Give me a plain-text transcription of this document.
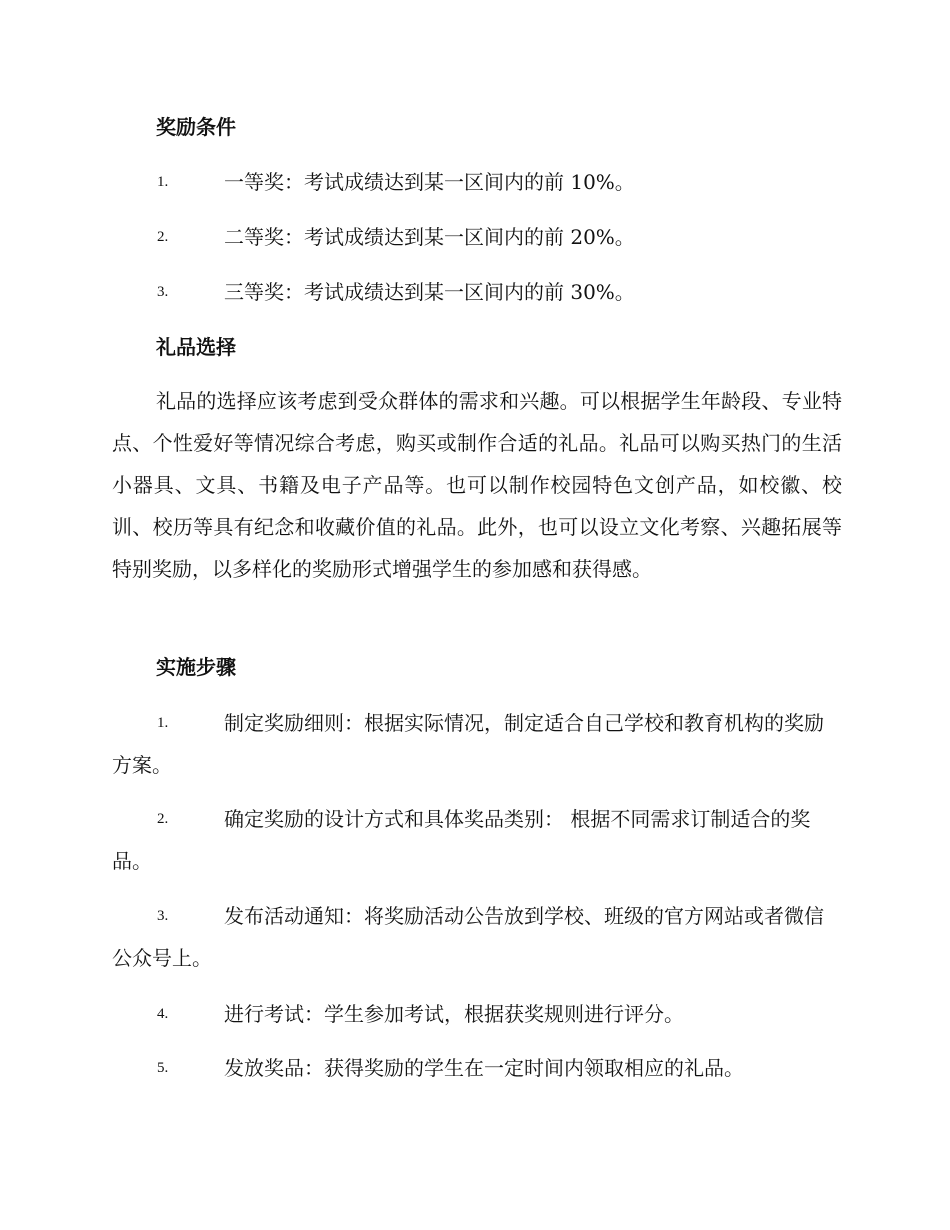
奖励条件
1.	一等奖：考试成绩达到某一区间内的前 10%。
2.	二等奖：考试成绩达到某一区间内的前 20%。
3.	三等奖：考试成绩达到某一区间内的前 30%。
礼品选择
礼品的选择应该考虑到受众群体的需求和兴趣。可以根据学生年龄段、专业特点、个性爱好等情况综合考虑，购买或制作合适的礼品。礼品可以购买热门的生活小器具、文具、书籍及电子产品等。也可以制作校园特色文创产品，如校徽、校训、校历等具有纪念和收藏价值的礼品。此外，也可以设立文化考察、兴趣拓展等特别奖励，以多样化的奖励形式增强学生的参加感和获得感。
实施步骤
1.	制定奖励细则：根据实际情况，制定适合自己学校和教育机构的奖励方案。
2.	确定奖励的设计方式和具体奖品类别： 根据不同需求订制适合的奖品。
3.	发布活动通知：将奖励活动公告放到学校、班级的官方网站或者微信公众号上。
4.	进行考试：学生参加考试，根据获奖规则进行评分。
5.	发放奖品：获得奖励的学生在一定时间内领取相应的礼品。
